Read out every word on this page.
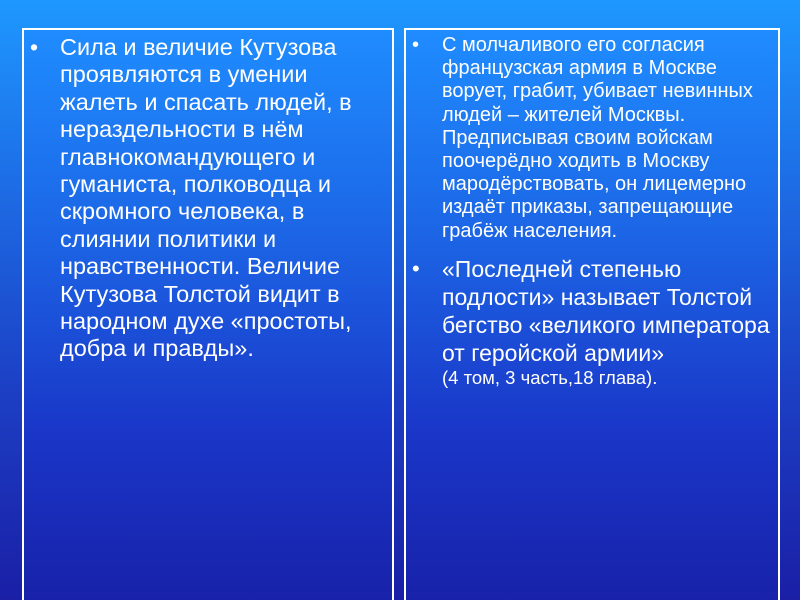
• Сила и величие Кутузова проявляются в умении жалеть и спасать людей, в нераздельности в нём главнокомандующего и гуманиста, полководца и скромного человека, в слиянии политики и нравственности. Величие Кутузова Толстой видит в народном духе «простоты, добра и правды».
• С молчаливого его согласия французская армия в Москве ворует, грабит, убивает невинных людей – жителей Москвы. Предписывая своим войскам поочерёдно ходить в Москву мародёрствовать, он лицемерно издаёт приказы, запрещающие грабёж населения.
• «Последней степенью подлости» называет Толстой бегство «великого императора от геройской армии»
(4 том, 3 часть,18 глава).
